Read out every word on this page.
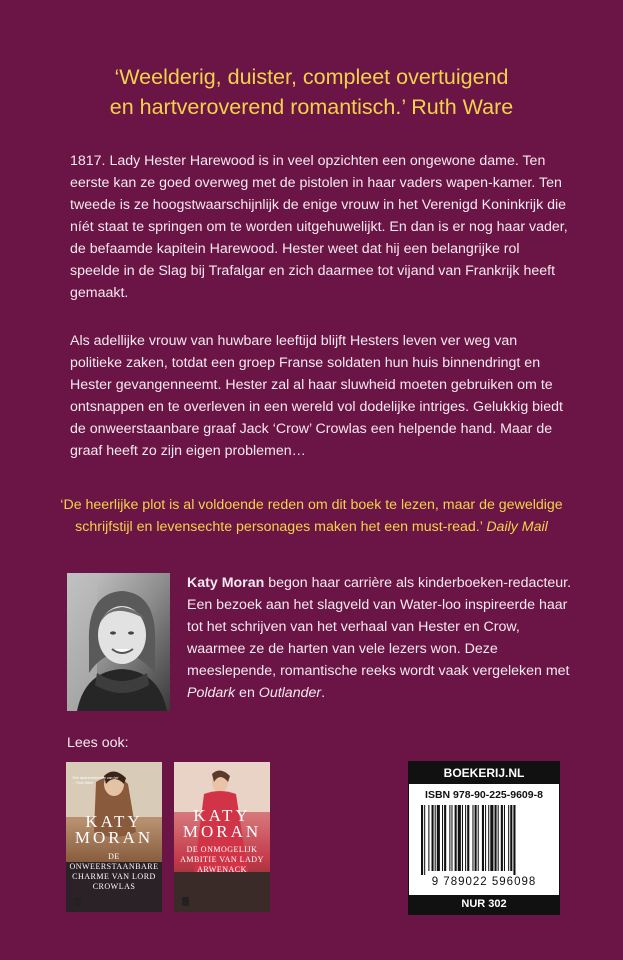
‘Weelderig, duister, compleet overtuigend
en hartveroverend romantisch.’ Ruth Ware
1817. Lady Hester Harewood is in veel opzichten een ongewone dame. Ten eerste kan ze goed overweg met de pistolen in haar vaders wapen-kamer. Ten tweede is ze hoogstwaarschijnlijk de enige vrouw in het Verenigd Koninkrijk die níét staat te springen om te worden uitgehuwelijkt. En dan is er nog haar vader, de befaamde kapitein Harewood. Hester weet dat hij een belangrijke rol speelde in de Slag bij Trafalgar en zich daarmee tot vijand van Frankrijk heeft gemaakt.
Als adellijke vrouw van huwbare leeftijd blijft Hesters leven ver weg van politieke zaken, totdat een groep Franse soldaten hun huis binnendringt en Hester gevangenneemt. Hester zal al haar sluwheid moeten gebruiken om te ontsnappen en te overleven in een wereld vol dodelijke intriges. Gelukkig biedt de onweerstaanbare graaf Jack ‘Crow’ Crowlas een helpende hand. Maar de graaf heeft zo zijn eigen problemen…
‘De heerlijke plot is al voldoende reden om dit boek te lezen, maar de geweldige schrijfstijl en levensechte personages maken het een must-read.’ Daily Mail
Katy Moran begon haar carrière als kinderboeken-redacteur. Een bezoek aan het slagveld van Water-loo inspireerde haar tot het schrijven van het verhaal van Hester en Crow, waarmee ze de harten van vele lezers won. Deze meeslepende, romantische reeks wordt vaak vergeleken met Poldark en Outlander.
Lees ook:
‘Een dwarsverbonden van het ...’ Ruth Ware
KATY MORAN
DE ONWEERSTAANBARE CHARME VAN LORD CROWLAS
KATY MORAN
DE ONMOGELIJK AMBITIE VAN LADY ARWENACK
BOEKERIJ.NL
ISBN 978-90-225-9609-8
9 789022 596098
NUR 302
